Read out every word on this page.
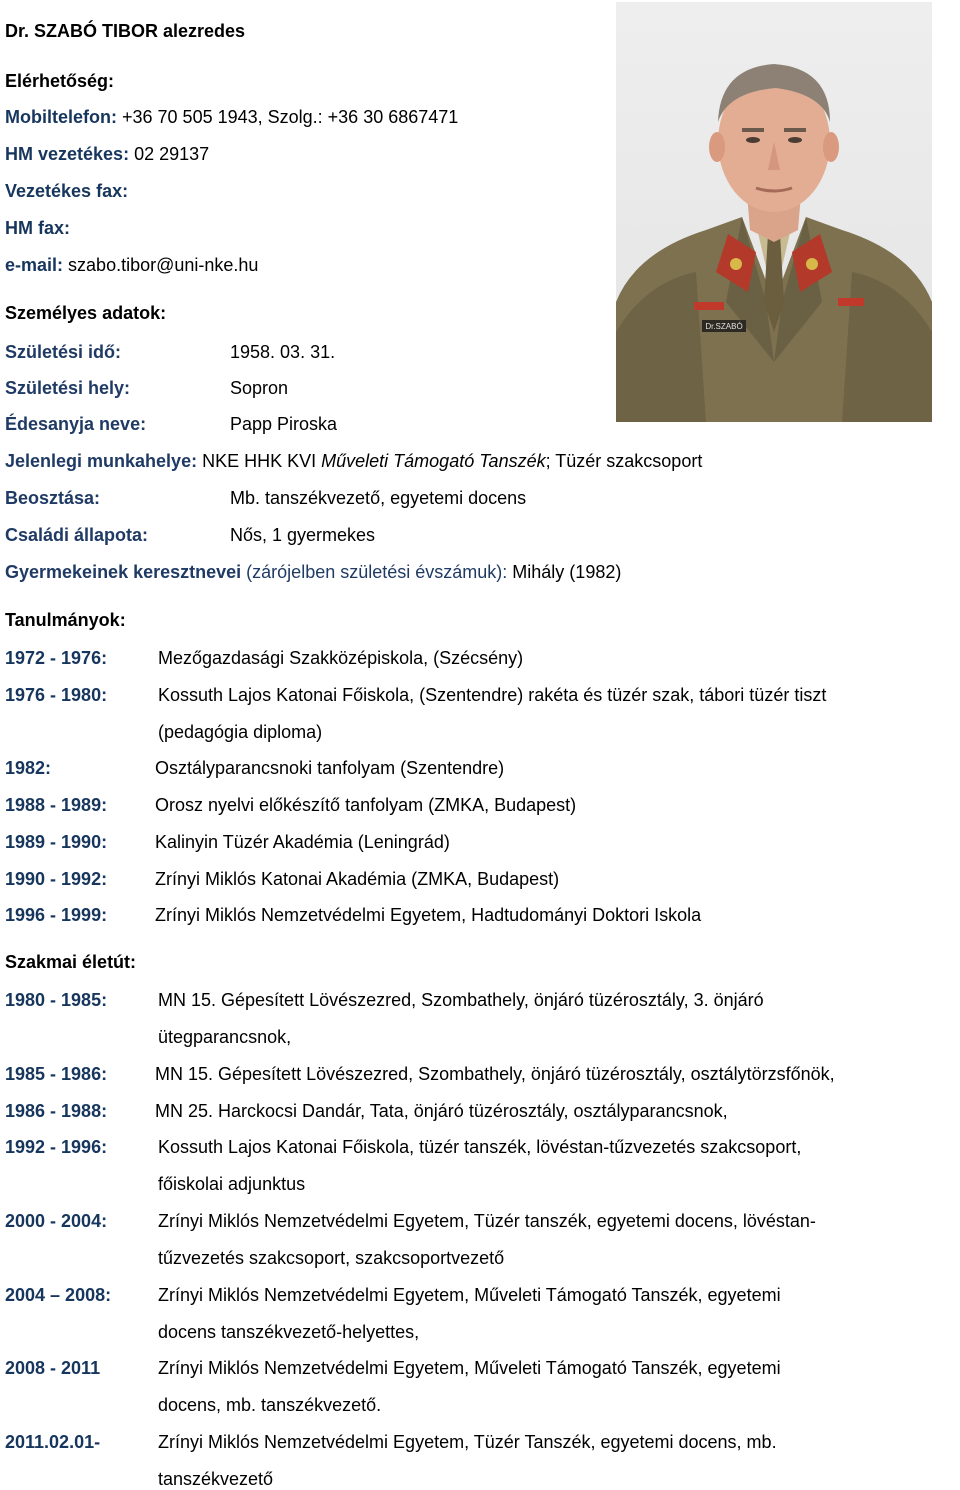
Dr. SZABÓ TIBOR alezredes
Elérhetőség:
Mobiltelefon: +36 70 505 1943, Szolg.: +36 30 6867471
HM vezetékes: 02 29137
Vezetékes fax:
HM fax:
e-mail: szabo.tibor@uni-nke.hu
Személyes adatok:
Születési idő:	1958. 03. 31.
Születési hely:	Sopron
Édesanyja neve:	Papp Piroska
Jelenlegi munkahelye: NKE HHK KVI Műveleti Támogató Tanszék; Tüzér szakcsoport
Beosztása:	Mb. tanszékvezető, egyetemi docens
Családi állapota:	Nős, 1 gyermekes
Gyermekeinek keresztnevei (zárójelben születési évszámuk): Mihály (1982)
Dr.SZABÓ
Tanulmányok:
1972 - 1976:	Mezőgazdasági Szakközépiskola, (Szécsény)
1976 - 1980:	Kossuth Lajos Katonai Főiskola, (Szentendre) rakéta és tüzér szak, tábori tüzér tiszt
(pedagógia diploma)
1982:	Osztályparancsnoki tanfolyam (Szentendre)
1988 - 1989:	Orosz nyelvi előkészítő tanfolyam (ZMKA, Budapest)
1989 - 1990:	Kalinyin Tüzér Akadémia (Leningrád)
1990 - 1992:	Zrínyi Miklós Katonai Akadémia (ZMKA, Budapest)
1996 - 1999:	Zrínyi Miklós Nemzetvédelmi Egyetem, Hadtudományi Doktori Iskola
Szakmai életút:
1980 - 1985:	MN 15. Gépesített Lövészezred, Szombathely, önjáró tüzérosztály, 3. önjáró
ütegparancsnok,
1985 - 1986:	MN 15. Gépesített Lövészezred, Szombathely, önjáró tüzérosztály, osztálytörzsfőnök,
1986 - 1988:	MN 25. Harckocsi Dandár, Tata, önjáró tüzérosztály, osztályparancsnok,
1992 - 1996:	Kossuth Lajos Katonai Főiskola, tüzér tanszék, lövéstan-tűzvezetés szakcsoport,
főiskolai adjunktus
2000 - 2004:	Zrínyi Miklós Nemzetvédelmi Egyetem, Tüzér tanszék, egyetemi docens, lövéstan-
tűzvezetés szakcsoport, szakcsoportvezető
2004 – 2008:	Zrínyi Miklós Nemzetvédelmi Egyetem, Műveleti Támogató Tanszék, egyetemi
docens tanszékvezető-helyettes,
2008 - 2011	Zrínyi Miklós Nemzetvédelmi Egyetem, Műveleti Támogató Tanszék, egyetemi
docens, mb. tanszékvezető.
2011.02.01-	Zrínyi Miklós Nemzetvédelmi Egyetem, Tüzér Tanszék, egyetemi docens, mb.
tanszékvezető
